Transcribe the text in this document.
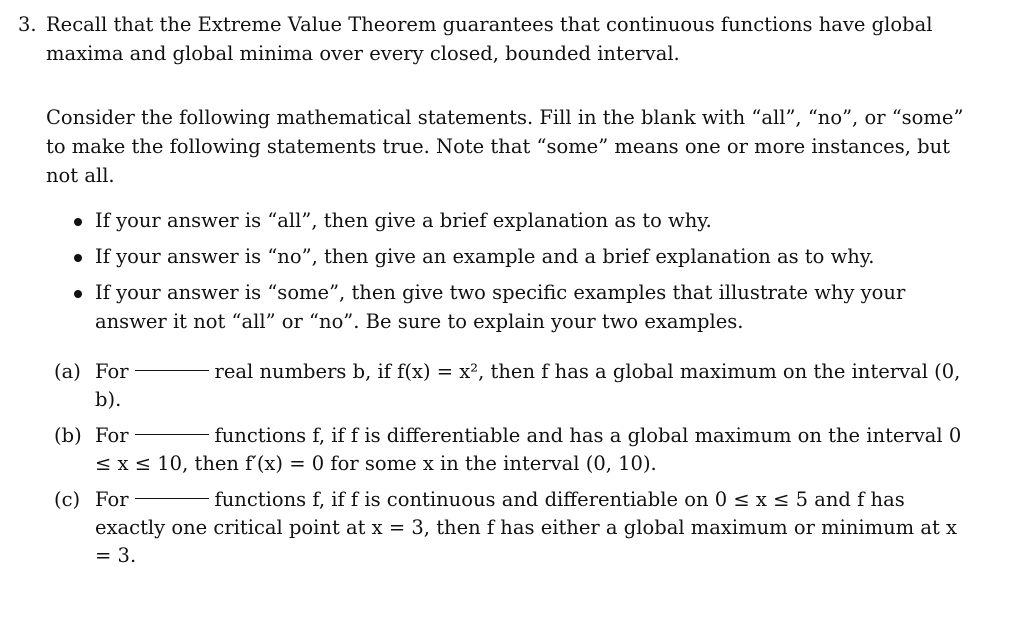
3. Recall that the Extreme Value Theorem guarantees that continuous functions have global maxima and global minima over every closed, bounded interval.
Consider the following mathematical statements. Fill in the blank with “all”, “no”, or “some” to make the following statements true. Note that “some” means one or more instances, but not all.
If your answer is “all”, then give a brief explanation as to why.
If your answer is “no”, then give an example and a brief explanation as to why.
If your answer is “some”, then give two specific examples that illustrate why your answer it not “all” or “no”. Be sure to explain your two examples.
(a) For	real numbers b, if f(x) = x², then f has a global maximum on the interval (0, b).
(b) For	functions f, if f is differentiable and has a global maximum on the interval 0 ≤ x ≤ 10, then f′(x) = 0 for some x in the interval (0, 10).
(c) For	functions f, if f is continuous and differentiable on 0 ≤ x ≤ 5 and f has exactly one critical point at x = 3, then f has either a global maximum or minimum at x = 3.
